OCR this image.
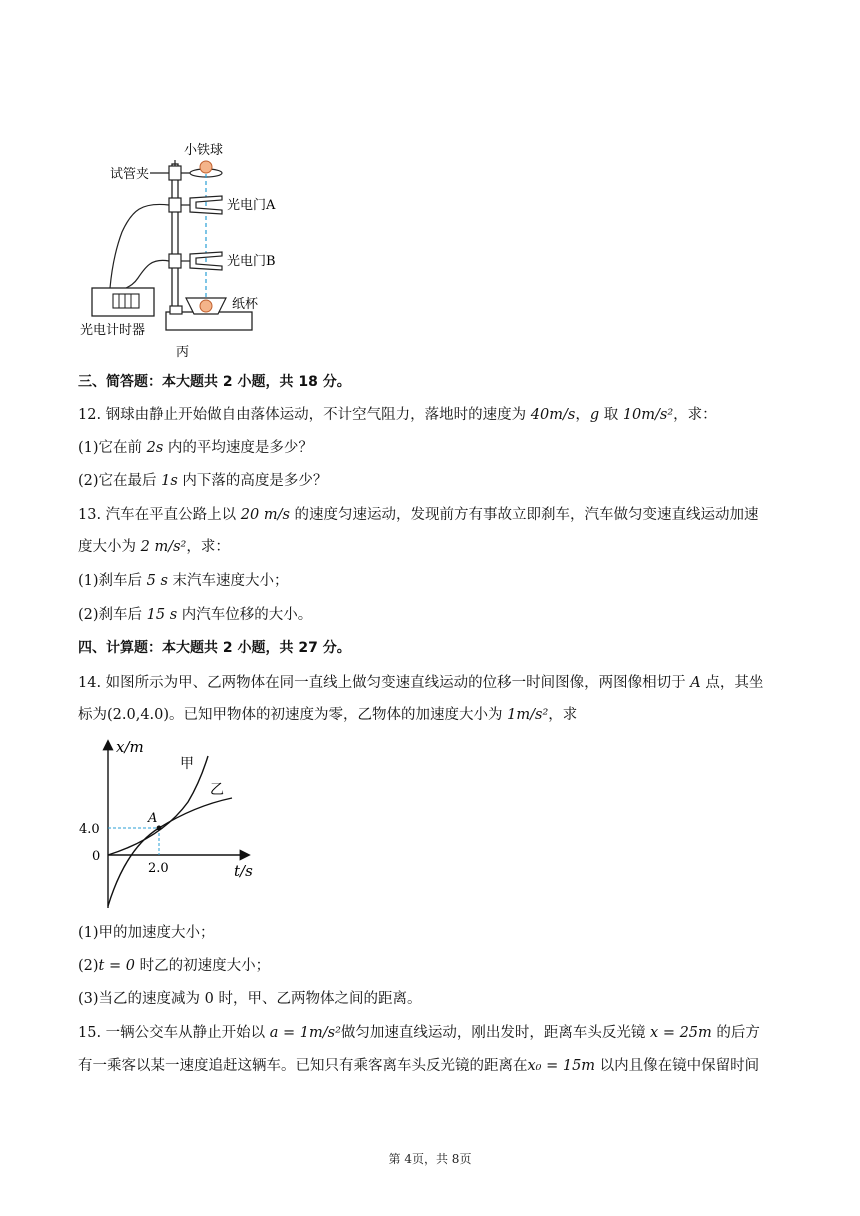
小铁球
试管夹
光电门A
光电门B
纸杯
光电计时器
丙
三、简答题：本大题共 2 小题，共 18 分。
12. 钢球由静止开始做自由落体运动，不计空气阻力，落地时的速度为 40m/s，g 取 10m/s²，求：
(1)它在前 2s 内的平均速度是多少？
(2)它在最后 1s 内下落的高度是多少？
13. 汽车在平直公路上以 20 m/s 的速度匀速运动，发现前方有事故立即刹车，汽车做匀变速直线运动加速
度大小为 2 m/s²，求：
(1)刹车后 5 s 末汽车速度大小；
(2)刹车后 15 s 内汽车位移的大小。
四、计算题：本大题共 2 小题，共 27 分。
14. 如图所示为甲、乙两物体在同一直线上做匀变速直线运动的位移一时间图像，两图像相切于 A 点，其坐
标为(2.0,4.0)。已知甲物体的初速度为零，乙物体的加速度大小为 1m/s²，求
x/m
t/s
0
4.0
2.0
A
甲
乙
(1)甲的加速度大小；
(2)t = 0 时乙的初速度大小；
(3)当乙的速度减为 0 时，甲、乙两物体之间的距离。
15. 一辆公交车从静止开始以 a = 1m/s²做匀加速直线运动，刚出发时，距离车头反光镜 x = 25m 的后方
有一乘客以某一速度追赶这辆车。已知只有乘客离车头反光镜的距离在x₀ = 15m 以内且像在镜中保留时间
第 4页，共 8页
